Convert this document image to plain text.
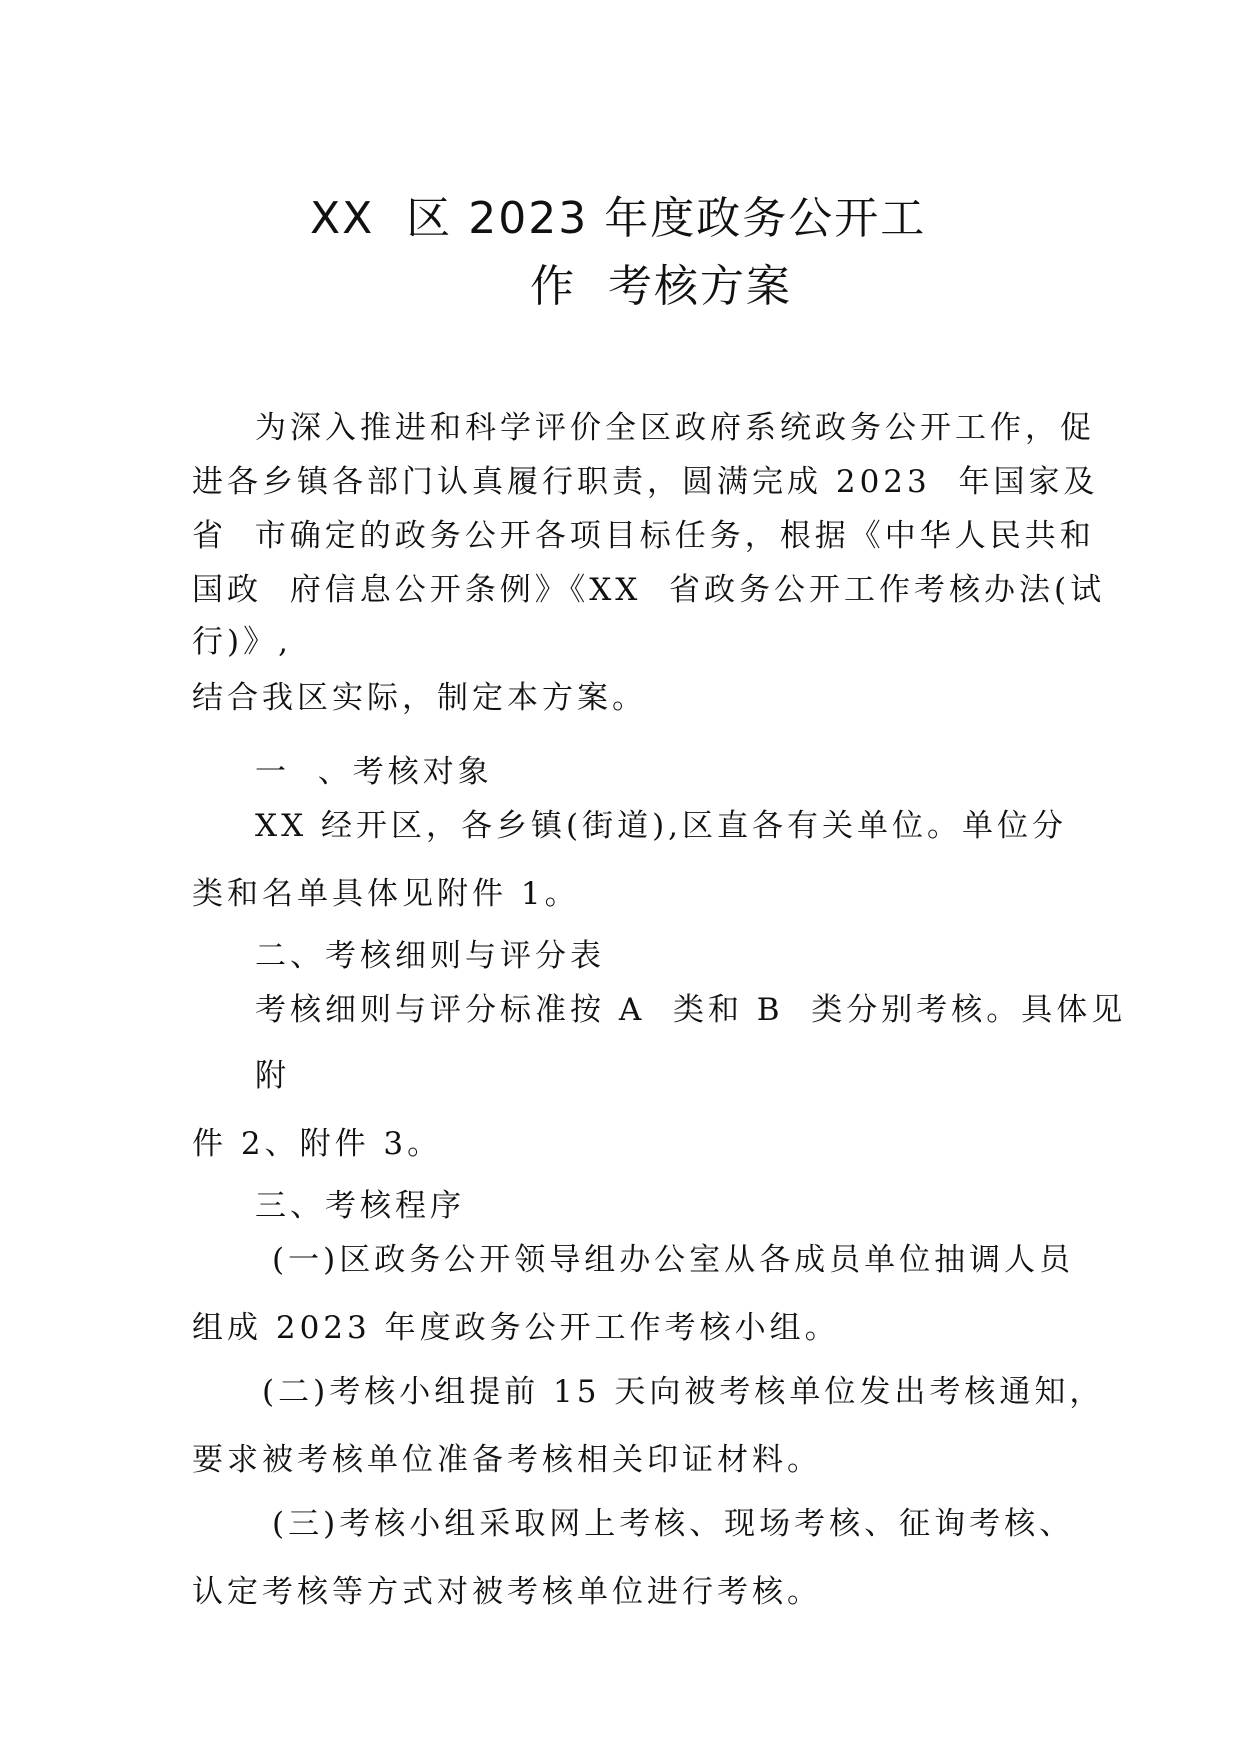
XX  区 2023 年度政务公开工
作  考核方案

为深入推进和科学评价全区政府系统政务公开工作，促

进各乡镇各部门认真履行职责，圆满完成 2023  年国家及

省  市确定的政务公开各项目标任务，根据《中华人民共和

国政  府信息公开条例》《XX  省政务公开工作考核办法(试

行)》,

结合我区实际，制定本方案。

一  、考核对象

XX 经开区，各乡镇(街道),区直各有关单位。单位分

类和名单具体见附件 1。

二、考核细则与评分表

考核细则与评分标准按 A  类和 B  类分别考核。具体见

附

件 2、附件 3。

三、考核程序

(一)区政务公开领导组办公室从各成员单位抽调人员

组成 2023 年度政务公开工作考核小组。

(二)考核小组提前 15 天向被考核单位发出考核通知，

要求被考核单位准备考核相关印证材料。

(三)考核小组采取网上考核、现场考核、征询考核、

认定考核等方式对被考核单位进行考核。
